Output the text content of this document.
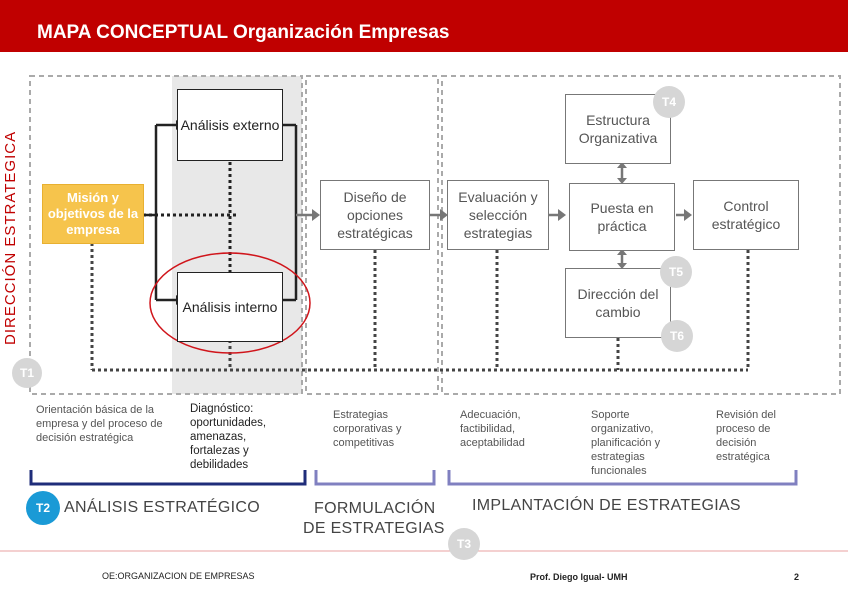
MAPA CONCEPTUAL Organización Empresas
DIRECCIÓN ESTRATEGICA	Misión y objetivos de la empresa
Análisis externo
Análisis interno
Diseño de opciones estratégicas
Evaluación y selección estrategias
Estructura Organizativa
Puesta en práctica
Control estratégico
Dirección del cambio
T1
T2
T3
T4
T5
T6
Orientación básica de la empresa y del proceso de decisión estratégica
Diagnóstico: oportunidades, amenazas, fortalezas y debilidades
Estrategias corporativas y competitivas
Adecuación, factibilidad, aceptabilidad
Soporte organizativo, planificación y estrategias funcionales
Revisión del proceso de decisión estratégica
ANÁLISIS ESTRATÉGICO	FORMULACIÓN
DE ESTRATEGIAS
IMPLANTACIÓN DE ESTRATEGIAS
OE:ORGANIZACION DE EMPRESAS	Prof. Diego Igual- UMH	2
